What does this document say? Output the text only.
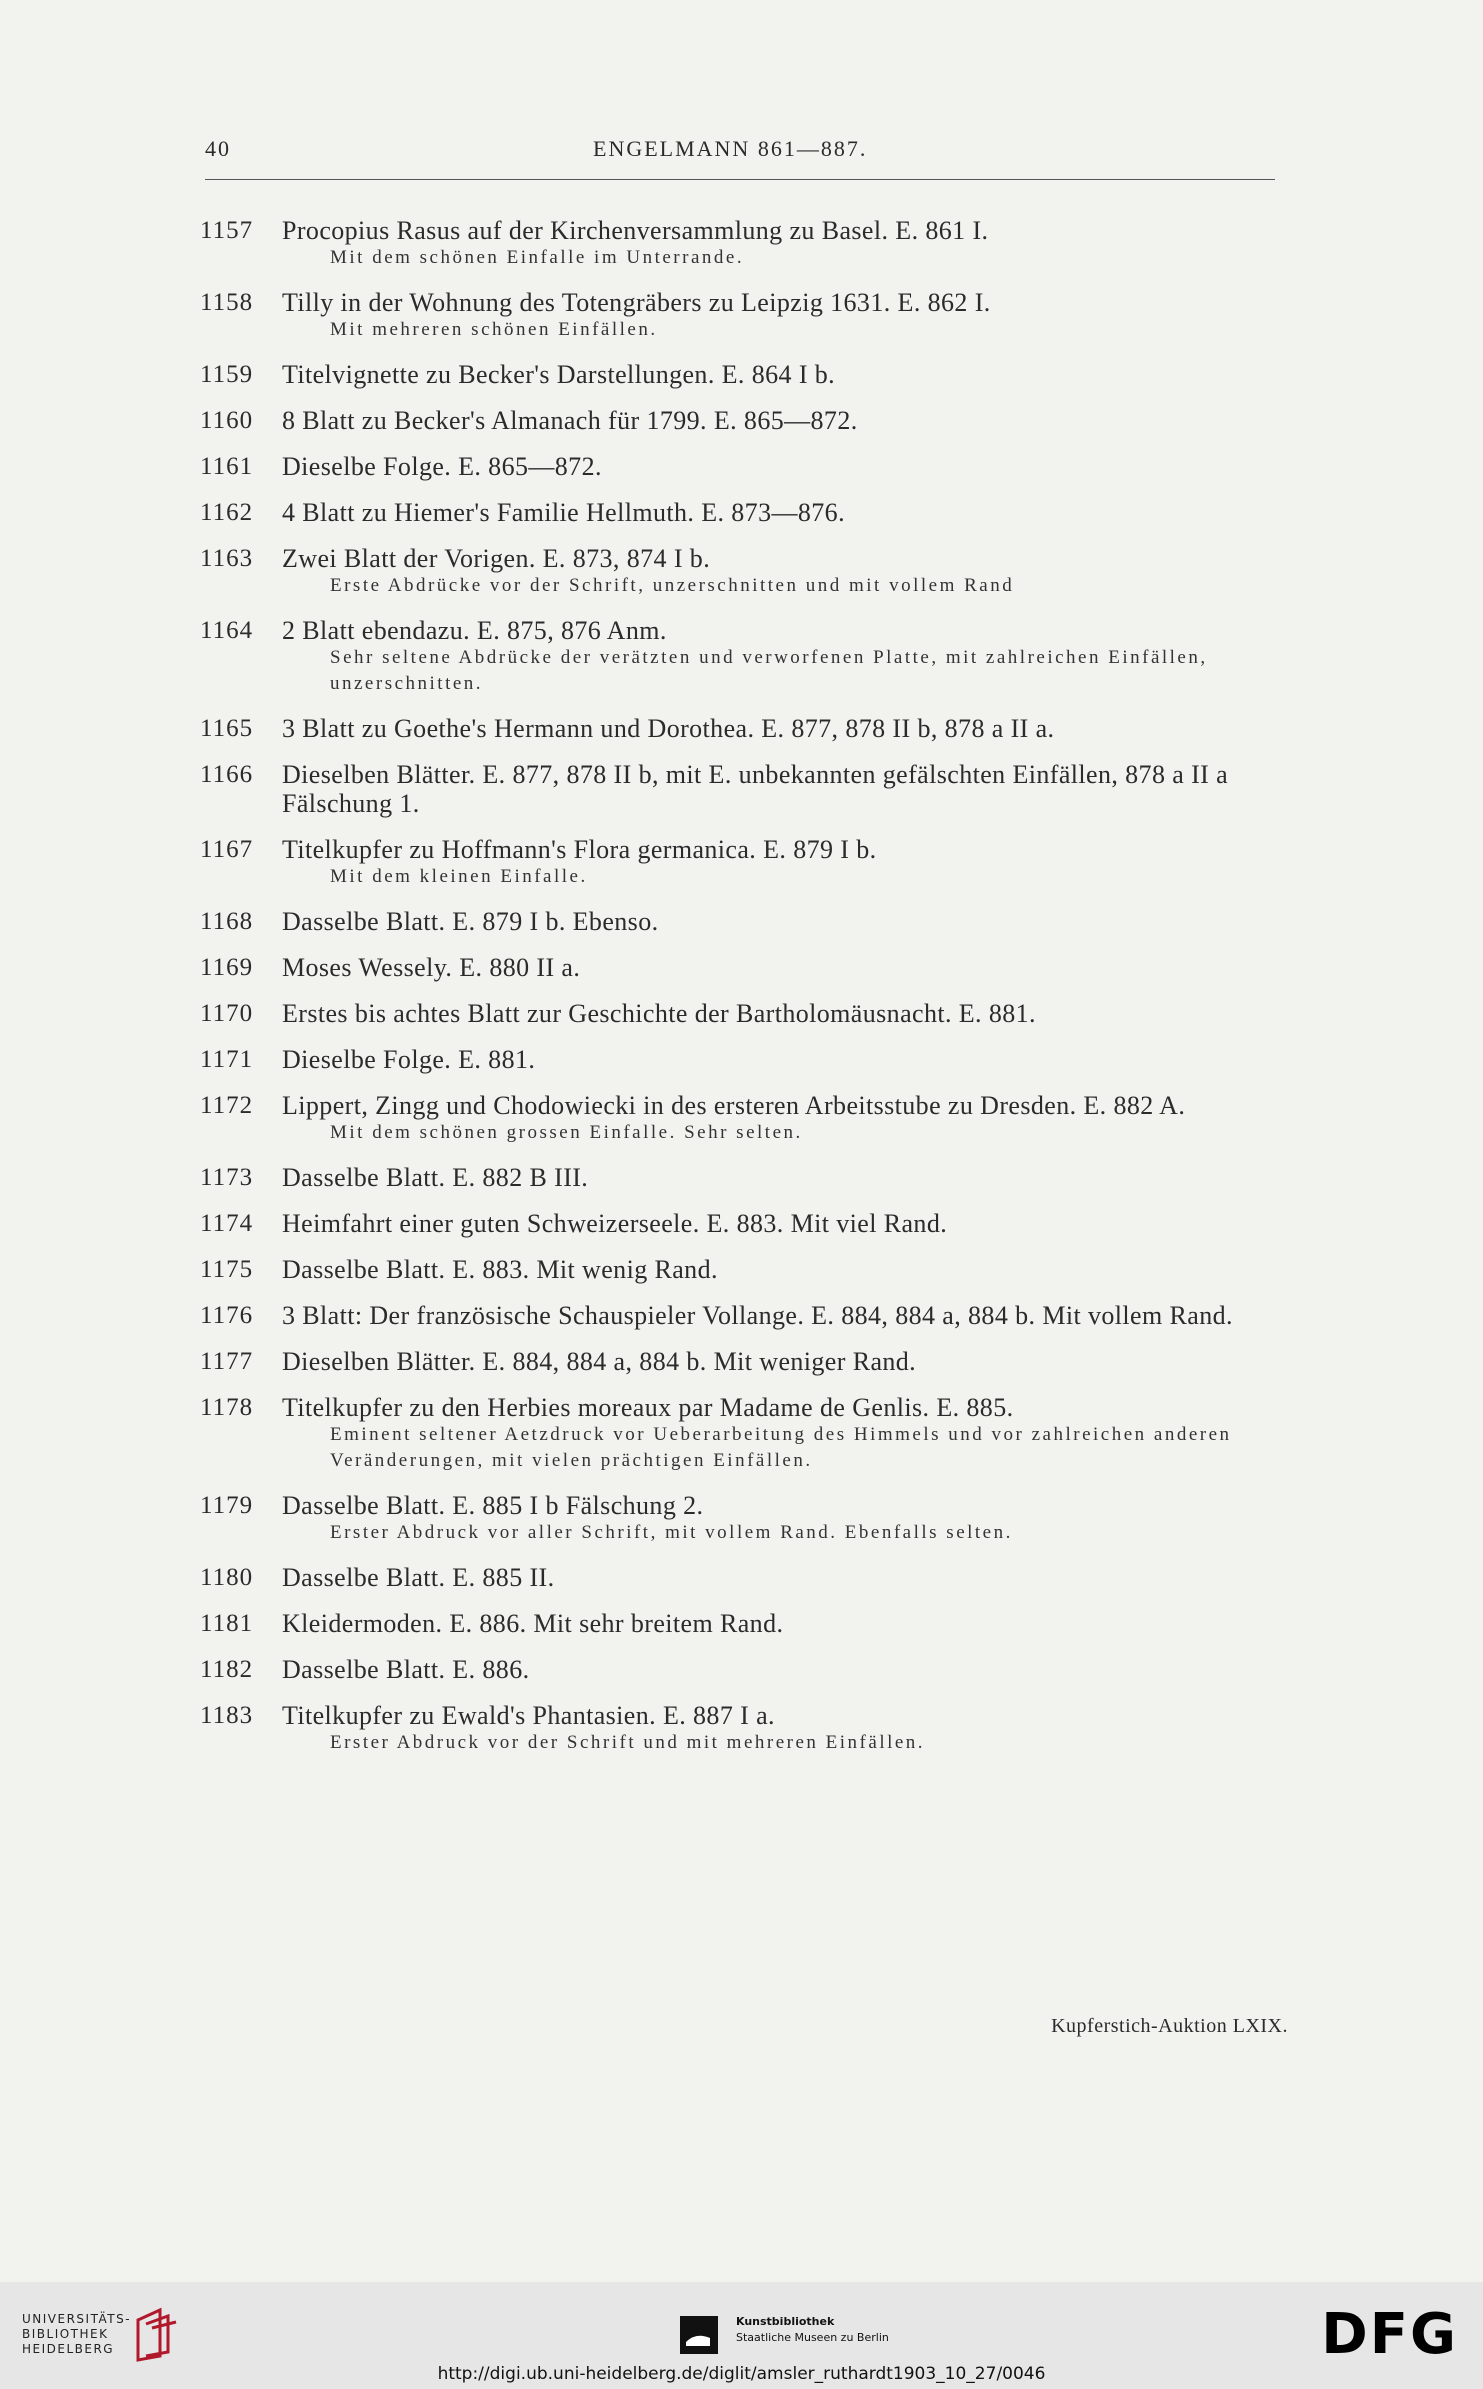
40	ENGELMANN 861—887.
1157	Procopius Rasus auf der Kirchenversammlung zu Basel. E. 861 I.
Mit dem schönen Einfalle im Unterrande.
1158	Tilly in der Wohnung des Totengräbers zu Leipzig 1631. E. 862 I.
Mit mehreren schönen Einfällen.
1159	Titelvignette zu Becker's Darstellungen. E. 864 I b.
1160	8 Blatt zu Becker's Almanach für 1799. E. 865—872.
1161	Dieselbe Folge. E. 865—872.
1162	4 Blatt zu Hiemer's Familie Hellmuth. E. 873—876.
1163	Zwei Blatt der Vorigen. E. 873, 874 I b.
Erste Abdrücke vor der Schrift, unzerschnitten und mit vollem Rand
1164	2 Blatt ebendazu. E. 875, 876 Anm.
Sehr seltene Abdrücke der verätzten und verworfenen Platte, mit zahlreichen Einfällen, unzerschnitten.
1165	3 Blatt zu Goethe's Hermann und Dorothea. E. 877, 878 II b, 878 a II a.
1166	Dieselben Blätter. E. 877, 878 II b, mit E. unbekannten gefälschten Einfällen, 878 a II a Fälschung 1.
1167	Titelkupfer zu Hoffmann's Flora germanica. E. 879 I b.
Mit dem kleinen Einfalle.
1168	Dasselbe Blatt. E. 879 I b. Ebenso.
1169	Moses Wessely. E. 880 II a.
1170	Erstes bis achtes Blatt zur Geschichte der Bartholomäusnacht. E. 881.
1171	Dieselbe Folge. E. 881.
1172	Lippert, Zingg und Chodowiecki in des ersteren Arbeitsstube zu Dresden. E. 882 A.
Mit dem schönen grossen Einfalle. Sehr selten.
1173	Dasselbe Blatt. E. 882 B III.
1174	Heimfahrt einer guten Schweizerseele. E. 883. Mit viel Rand.
1175	Dasselbe Blatt. E. 883. Mit wenig Rand.
1176	3 Blatt: Der französische Schauspieler Vollange. E. 884, 884 a, 884 b. Mit vollem Rand.
1177	Dieselben Blätter. E. 884, 884 a, 884 b. Mit weniger Rand.
1178	Titelkupfer zu den Herbies moreaux par Madame de Genlis. E. 885.
Eminent seltener Aetzdruck vor Ueberarbeitung des Himmels und vor zahlreichen anderen Veränderungen, mit vielen prächtigen Einfällen.
1179	Dasselbe Blatt. E. 885 I b Fälschung 2.
Erster Abdruck vor aller Schrift, mit vollem Rand. Ebenfalls selten.
1180	Dasselbe Blatt. E. 885 II.
1181	Kleidermoden. E. 886. Mit sehr breitem Rand.
1182	Dasselbe Blatt. E. 886.
1183	Titelkupfer zu Ewald's Phantasien. E. 887 I a.
Erster Abdruck vor der Schrift und mit mehreren Einfällen.
Kupferstich-Auktion LXIX.
UNIVERSITÄTS-
BIBLIOTHEK
HEIDELBERG
Kunstbibliothek
Staatliche Museen zu Berlin	DFG
http://digi.ub.uni-heidelberg.de/diglit/amsler_ruthardt1903_10_27/0046
